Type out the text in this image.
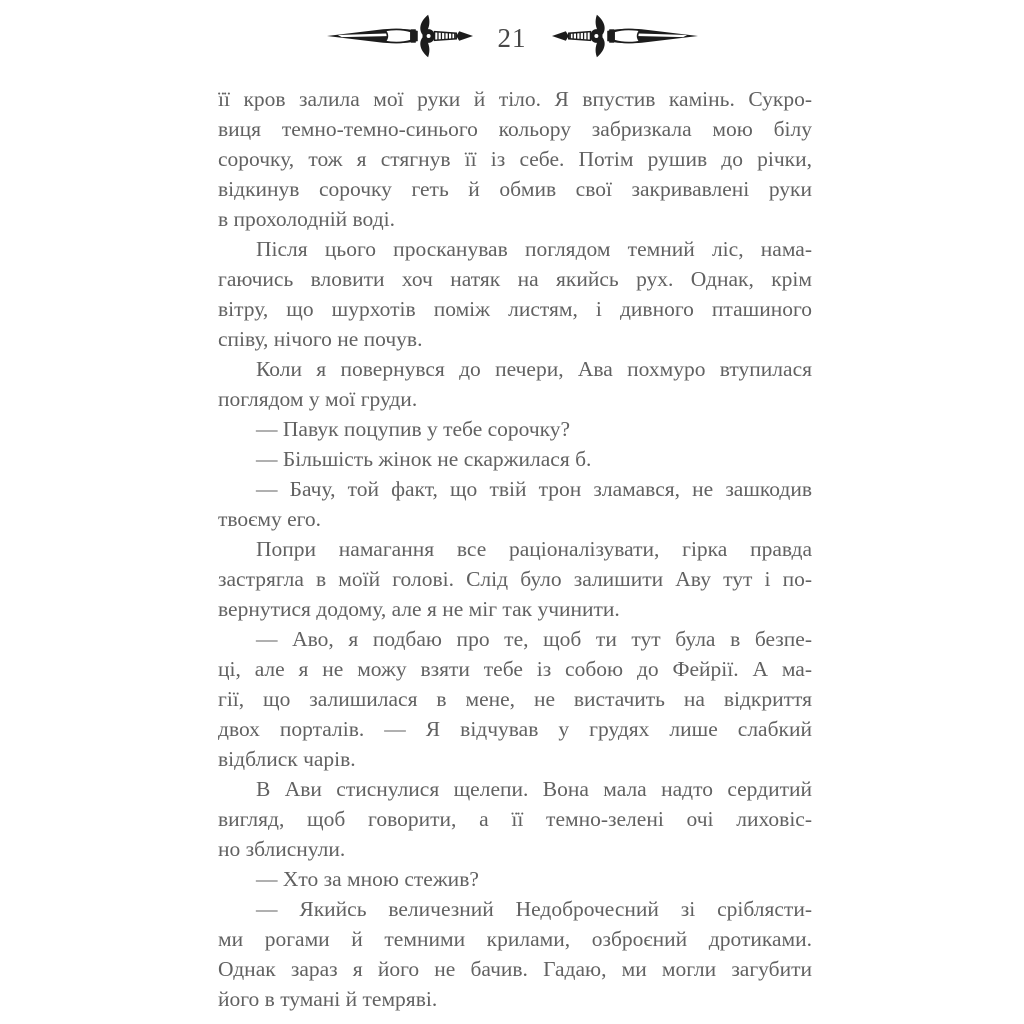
21

її кров залила мої руки й тіло. Я впустив камінь. Сукро-
виця темно-темно-синього кольору забризкала мою білу
сорочку, тож я стягнув її із себе. Потім рушив до річки,
відкинув сорочку геть й обмив свої закривавлені руки
в прохолодній воді.

Після цього просканував поглядом темний ліс, нама-
гаючись вловити хоч натяк на якийсь рух. Однак, крім
вітру, що шурхотів поміж листям, і дивного пташиного
співу, нічого не почув.

Коли я повернувся до печери, Ава похмуро втупилася
поглядом у мої груди.

— Павук поцупив у тебе сорочку?

— Більшість жінок не скаржилася б.

— Бачу, той факт, що твій трон зламався, не зашкодив
твоєму его.

Попри намагання все раціоналізувати, гірка правда
застрягла в моїй голові. Слід було залишити Аву тут і по-
вернутися додому, але я не міг так учинити.

— Аво, я подбаю про те, щоб ти тут була в безпе-
ці, але я не можу взяти тебе із собою до Фейрії. А ма-
гії, що залишилася в мене, не вистачить на відкриття
двох порталів. — Я відчував у грудях лише слабкий
відблиск чарів.

В Ави стиснулися щелепи. Вона мала надто сердитий
вигляд, щоб говорити, а її темно-зелені очі лиховіс-
но зблиснули.

— Хто за мною стежив?

— Якийсь величезний Недоброчесний зі сріблясти-
ми рогами й темними крилами, озброєний дротиками.
Однак зараз я його не бачив. Гадаю, ми могли загубити
його в тумані й темряві.
